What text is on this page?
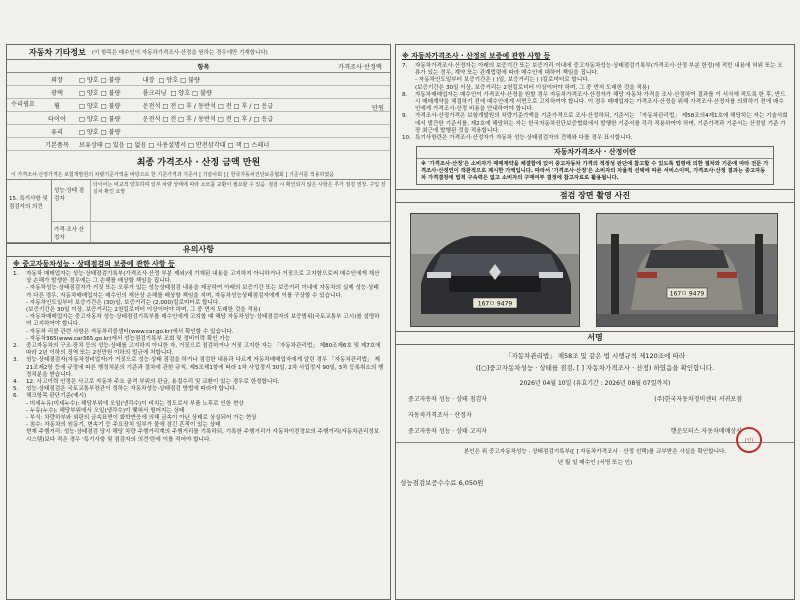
자동차 기타정보 (이 항목은 매수인이 자동차가격조사·산정을 원하는 경우에만 기재합니다)
항목	가격조사·산정액
수리필요
만원
외장	□ 양호 □ 불량	내장 □ 양호 □ 불량
광택	□ 양호 □ 불량	룸크리닝 □ 양호 □ 불량
휠	□ 양호 □ 불량	운전석 □ 전 □ 후 / 동반석 □ 전 □ 후 / □ 응급
타이어	□ 양호 □ 불량	운전석 □ 전 □ 후 / 동반석 □ 전 □ 후 / □ 응급
유리	□ 양호 □ 불량
기본품목	보유상태 □ 있음 □ 없음 □ 사용설명서 □ 안전삼각대 □ 잭 □ 스패너
최종 가격조사 · 산정 금액 만원
이 가격조사·산정가격은 보험개발원의 차량기준가액을 바탕으로 한 기준가격과 기준서 [ 기술사회 ] [ 한국자동차진단보증협회 ] 기준서를 적용하였음
15. 특기사항 및 점검자의 의견
성능·상태 점검자
타이어는 비교적 양호하며 일부 차량 상태에 따라 소모품 교환이 필요할 수 있음. 점검 시 확인되지 않은 사항은 추가 점검 권장. 구입 전 실차 확인 요망
가격·조사 산정자
유의사항
※ 중고자동차성능 · 상태점검의 보증에 관한 사항 등
1.	자동차 매매업자는 성능·상태점검기록부(가격조사·산정 부분 제외)에 기재된 내용을 고지하지 아니하거나 거짓으로 고지함으로써 매수인에게 재산상 손해가 발생한 경우에는 그 손해를 배상할 책임을 집니다.
- 자동차성능·상태점검자가 거짓 또는 오류가 있는 성능상태점검 내용을 제공하여 아래의 보증기간 또는 보증거리 이내에 자동차의 실제 성능·상태가 다른 경우, 자동차매매업자는 매수인의 재산상 손해를 배상할 책임을 지며, 자동차성능상태점검자에게 이를 구상할 수 있습니다.
- 자동차인도일부터 보증기간은 (30)일, 보증거리는 (2,000)킬로미터로 합니다.
(보증기간은 30일 이상, 보증거리는 2천킬로미터 이상이어야 하며, 그 중 먼저 도래한 것을 적용)
- 자동차매매업자는 중고자동차 성능·상태점검기록부를 매수인에게 고지할 때 해당 자동차성능·상태점검자의 보증범위(국토교통부 고시)를 설명하여 고지하여야 합니다.
- 자동차 리콜 관련 사항은 자동차리콜센터(www.car.go.kr)에서 확인할 수 있습니다.
- 자동차365(www.car365.go.kr)에서 성능점검기록부 조회 및 정비이력 확인 가능
2.	중고자동차의 구조·장치 등의 성능·상태를 고지하지 아니한 자, 거짓으로 점검하거나 거짓 고지한 자는 「자동차관리법」 제80조제6호 및 제7호에 따라 2년 이하의 징역 또는 2천만원 이하의 벌금에 처합니다.
3.	성능·상태점검자(자동차정비업자)가 거짓으로 성능·상태 점검을 하거나 점검한 내용과 다르게 자동차매매업자에게 알린 경우 「자동차관리법」 제21조제2항 등에 규정에 따른 행정처분의 기준과 절차에 관한 규칙, 제5조제1항에 따라 1차 사업정지 30일, 2차 사업정지 90일, 3차 등록취소의 행정처분을 받습니다.
4.	12. 사고이력 인정은 사고로 자동차 주요 골격 부위의 판금, 용접수리 및 교환이 있는 경우로 한정합니다.
5.	성능·상태점검은 국토교통부장관이 정하는 자동차성능·상태점검 방법에 따라야 합니다.
6.	체크항목 판단기준(예시)
- 미세누유(미세누수): 해당부위에 오일(냉각수)이 비치는 정도로서 부품 노후로 인한 현상
- 누유(누수): 해당부위에서 오일(냉각수)이 맺혀서 떨어지는 상태
- 부식: 차량하부와 외판의 금속표면이 화학반응에 의해 금속이 아닌 상태로 상실되어 가는 현상
- 침수: 자동차의 원동기, 변속기 등 주요장치 일부가 물에 잠긴 흔적이 있는 상태
현재 주행거리: 성능·상태점검 당시 해당 차량 주행거리계의 주행거리를 기록하되, 기록한 주행거리가 자동차이전정보의 주행거리(자동차관리정보시스템)보다 적은 경우 '특기사항 및 점검자의 의견'란에 이를 적어야 합니다.
※ 자동차가격조사 · 산정의 보증에 관한 사항 등
7.	자동차가격조사·산정자는 아래의 보증기간 또는 보증거리 이내에 중고자동차성능·상태점검기록부(가격조사·산정 부분 한정)에 적힌 내용에 허위 또는 오류가 있는 경우, 계약 또는 관계법령에 따라 매수인에 대하여 책임을 집니다.
- 자동차인도일부터 보증기간은 ( )일, 보증거리는 ( )킬로미터로 합니다.
(보증기간은 30일 이상, 보증거리는 2천킬로미터 이상이어야 하며, 그 중 먼저 도래한 것을 적용)
8.	자동차매매업자는 매수인이 가격조사·산정을 원할 경우 자동차가격조사·산정자가 해당 자동차 가격을 조사·산정하여 결과를 이 서식에 적도록 한 후, 반드시 매매계약을 체결하기 전에 매수인에게 서면으로 고지하여야 합니다. 이 경우 매매업자는 가격조사·산정을 위해 가격조사·산정자를 의뢰하기 전에 매수인에게 가격조사·산정 비용을 안내하여야 합니다.
9.	가격조사·산정가격은 보험개발원의 차량기준가액을 기준가격으로 조사·산정하되, 기준서는 「자동차관리법」 제58조의4제1호에 해당하는 자는 기술사회에서 발간한 기준서를, 제2호에 해당하는 자는 한국자동차진단보증협회에서 발행한 기준서를 각각 적용하여야 하며, 기준가격과 기준서는 산정일 기준 가장 최근에 발행된 것을 적용합니다.
10. 특기사항란은 가격조사·산정자가 자동차 성능·상태점검자의 견해와 다를 경우 표시합니다.
자동차가격조사 · 산정이란
※ '가격조사·산정'은 소비자가 매매계약을 체결함에 있어 중고자동차 가격의 적정성 판단에 참고할 수 있도록 법령에 의한 절차와 기준에 따라 전문 가격조사·산정인이 객관적으로 제시한 가액입니다. 따라서 '가격조사·산정'은 소비자의 자율적 선택에 따른 서비스이며, 가격조사·산정 결과는 중고자동차 가격결정에 법적 구속력은 없고 소비자의 구매여부 결정에 참고자료로 활용됩니다.
점검 장면 촬영 사진
167ㅁ 9479
167ㅁ 9479
서명
「자동차관리법」 제58조 및 같은 법 시행규칙 제120조에 따라
([○]중고자동차성능 · 상태를 점검, [ ] 자동차가격조사 · 산정) 하였음을 확인합니다.
2026년 04월 10일 (유효기간 : 2026년 08월 07일까지)
중고자동차 성능 · 상태 점검자	(주)한국자동차정비센터 서귀포점
자동차가격조사 · 산정자
중고자동차 성능 · 상태 고지자	행운모터스 자동차매매상사
(인)
본인은 위 중고자동차성능 · 상태점검기록부([ ] 자동차가격조사 · 산정 선택)를 교부받은 사실을 확인합니다.
년 월 일 매수인 (서명 또는 인)
성능점검보증수수료 6,050원
